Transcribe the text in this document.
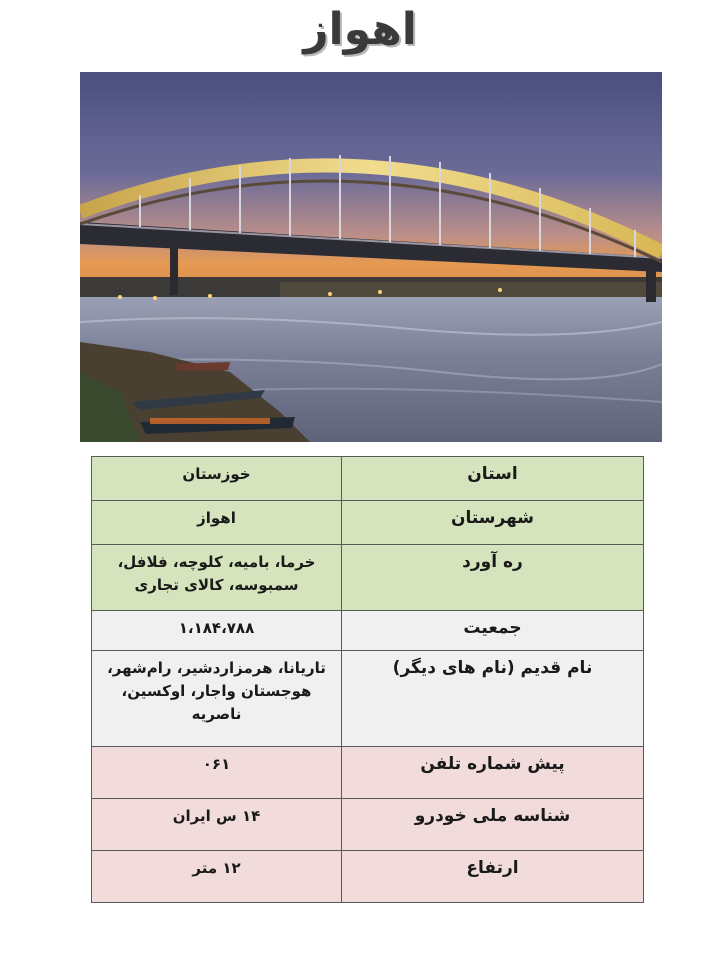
اهواز
استان	خوزستان
شهرستان	اهواز
ره آورد	خرما، بامیه، کلوچه، فلافل، سمبوسه، کالای تجاری
جمعیت	۱،۱۸۴،۷۸۸
نام قدیم (نام های دیگر)	تاریانا، هرمزاردشیر، رام‌شهر، هوجستان واجار، اوکسین، ناصریه
پیش شماره تلفن	۰۶۱
شناسه ملی خودرو	۱۴ س ایران
ارتفاع	۱۲ متر
